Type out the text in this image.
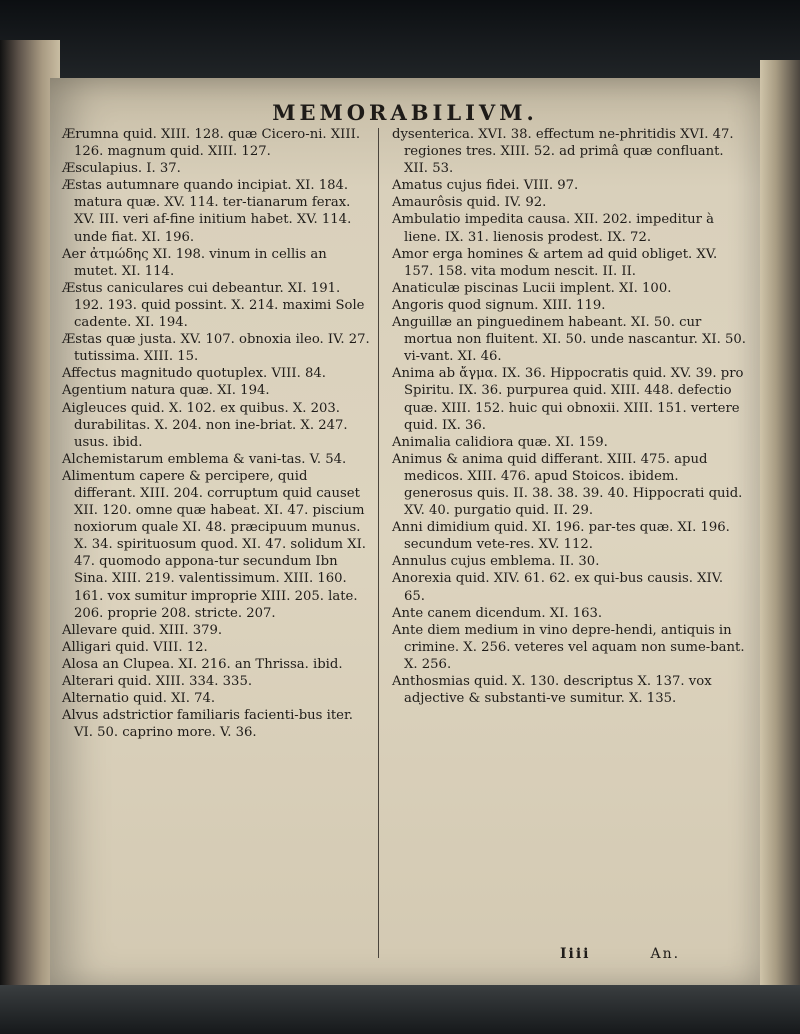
MEMORABILIVM.

Ærumna quid. XIII. 128. quæ Cicero-ni. XIII. 126. magnum quid. XIII. 127.

Æsculapius. I. 37.

Æstas autumnare quando incipiat. XI. 184. matura quæ. XV. 114. ter-tianarum ferax. XV. III. veri af-fine initium habet. XV. 114. unde fiat. XI. 196.

Aer ἀτμώδης XI. 198. vinum in cellis an mutet. XI. 114.

Æstus caniculares cui debeantur. XI. 191. 192. 193. quid possint. X. 214. maximi Sole cadente. XI. 194.

Æstas quæ justa. XV. 107. obnoxia ileo. IV. 27. tutissima. XIII. 15.

Affectus magnitudo quotuplex. VIII. 84.

Agentium natura quæ. XI. 194.

Aigleuces quid. X. 102. ex quibus. X. 203. durabilitas. X. 204. non ine-briat. X. 247. usus. ibid.

Alchemistarum emblema & vani-tas. V. 54.

Alimentum capere & percipere, quid differant. XIII. 204. corruptum quid causet XII. 120. omne quæ habeat. XI. 47. piscium noxiorum quale XI. 48. præcipuum munus. X. 34. spirituosum quod. XI. 47. solidum XI. 47. quomodo appona-tur secundum Ibn Sina. XIII. 219. valentissimum. XIII. 160. 161. vox sumitur improprie XIII. 205. late. 206. proprie 208. stricte. 207.

Allevare quid. XIII. 379.

Alligari quid. VIII. 12.

Alosa an Clupea. XI. 216. an Thrissa. ibid.

Alterari quid. XIII. 334. 335.

Alternatio quid. XI. 74.

Alvus adstrictior familiaris facienti-bus iter. VI. 50. caprino more. V. 36.

dysenterica. XVI. 38. effectum ne-phritidis XVI. 47. regiones tres. XIII. 52. ad primâ quæ confluant. XII. 53.

Amatus cujus fidei. VIII. 97.

Amaurôsis quid. IV. 92.

Ambulatio impedita causa. XII. 202. impeditur à liene. IX. 31. lienosis prodest. IX. 72.

Amor erga homines & artem ad quid obliget. XV. 157. 158. vita modum nescit. II. II.

Anaticulæ piscinas Lucii implent. XI. 100.

Angoris quod signum. XIII. 119.

Anguillæ an pinguedinem habeant. XI. 50. cur mortua non fluitent. XI. 50. unde nascantur. XI. 50. vi-vant. XI. 46.

Anima ab ἄγμα. IX. 36. Hippocratis quid. XV. 39. pro Spiritu. IX. 36. purpurea quid. XIII. 448. defectio quæ. XIII. 152. huic qui obnoxii. XIII. 151. vertere quid. IX. 36.

Animalia calidiora quæ. XI. 159.

Animus & anima quid differant. XIII. 475. apud medicos. XIII. 476. apud Stoicos. ibidem. generosus quis. II. 38. 38. 39. 40. Hippocrati quid. XV. 40. purgatio quid. II. 29.

Anni dimidium quid. XI. 196. par-tes quæ. XI. 196. secundum vete-res. XV. 112.

Annulus cujus emblema. II. 30.

Anorexia quid. XIV. 61. 62. ex qui-bus causis. XIV. 65.

Ante canem dicendum. XI. 163.

Ante diem medium in vino depre-hendi, antiquis in crimine. X. 256. veteres vel aquam non sume-bant. X. 256.

Anthosmias quid. X. 130. descriptus X. 137. vox adjective & substanti-ve sumitur. X. 135.

Iiii	An.
